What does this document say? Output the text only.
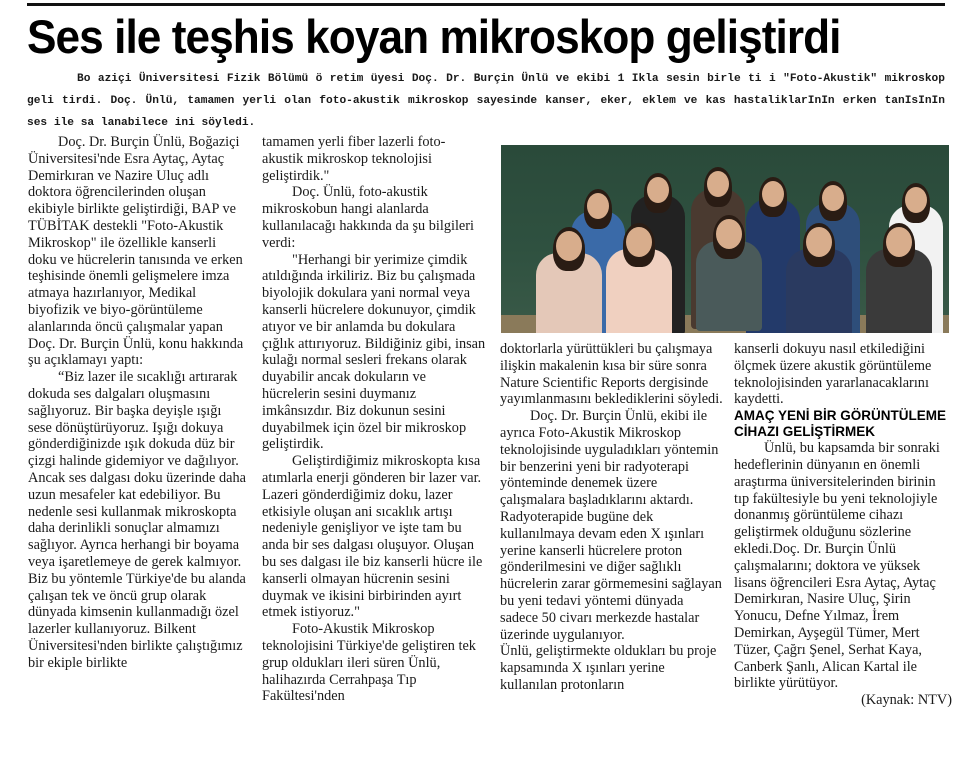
Ses ile teşhis koyan mikroskop geliştirdi

Bo aziçi Üniversitesi Fizik Bölümü ö retim üyesi Doç. Dr. Burçin Ünlü ve ekibi 1 Iklа sesin birle ti i "Foto-Akustik" mikroskop geli tirdi. Doç. Ünlü, tamamen yerli olan foto-akustik mikroskop sayesinde kanser, eker, eklem ve kas hastaliklarInIn erken tanIsInIn ses ile sa lanabilece ini söyledi.

Doç. Dr. Burçin Ünlü, Boğaziçi Üniversitesi'nde Esra Aytaç, Aytaç Demirkıran ve Nazire Uluç adlı doktora öğrencilerinden oluşan ekibiyle birlikte geliştirdiği, BAP ve TÜBİTAK destekli "Foto-Akustik Mikroskop" ile özellikle kanserli doku ve hücrelerin tanısında ve erken teşhisinde önemli gelişmelere imza atmaya hazırlanıyor, Medikal biyofizik ve biyo-görüntüleme alanlarında öncü çalışmalar yapan Doç. Dr. Burçin Ünlü, konu hakkında şu açıklamayı yaptı:

“Biz lazer ile sıcaklığı artırarak dokuda ses dalgaları oluşmasını sağlıyoruz. Bir başka deyişle ışığı sese dönüştürüyoruz. Işığı dokuya gönderdiğinizde ışık dokuda düz bir çizgi halinde gidemiyor ve dağılıyor. Ancak ses dalgası doku üzerinde daha uzun mesafeler kat edebiliyor. Bu nedenle sesi kullanmak mikroskopta daha derinlikli sonuçlar almamızı sağlıyor. Ayrıca herhangi bir boyama veya işaretlemeye de gerek kalmıyor. Biz bu yöntemle Türkiye'de bu alanda çalışan tek ve öncü grup olarak dünyada kimsenin kullanmadığı özel lazerler kullanıyoruz. Bilkent Üniversitesi'nden birlikte çalıştığımız bir ekiple birlikte

tamamen yerli fiber lazerli foto-akustik mikroskop teknolojisi geliştirdik."

Doç. Ünlü, foto-akustik mikroskobun hangi alanlarda kullanılacağı hakkında da şu bilgileri verdi:

"Herhangi bir yerimize çimdik atıldığında irkiliriz. Biz bu çalışmada biyolojik dokulara yani normal veya kanserli hücrelere dokunuyor, çimdik atıyor ve bir anlamda bu dokulara çığlık attırıyoruz. Bildiğiniz gibi, insan kulağı normal sesleri frekans olarak duyabilir ancak dokuların ve hücrelerin sesini duymanız imkânsızdır. Biz dokunun sesini duyabilmek için özel bir mikroskop geliştirdik.

Geliştirdiğimiz mikroskopta kısa atımlarla enerji gönderen bir lazer var. Lazeri gönderdiğimiz doku, lazer etkisiyle oluşan ani sıcaklık artışı nedeniyle genişliyor ve işte tam bu anda bir ses dalgası oluşuyor. Oluşan bu ses dalgası ile biz kanserli hücre ile kanserli olmayan hücrenin sesini duymak ve ikisini birbirinden ayırt etmek istiyoruz."

Foto-Akustik Mikroskop teknolojisini Türkiye'de geliştiren tek grup oldukları ileri süren Ünlü, halihazırda Cerrahpaşa Tıp Fakültesi'nden

doktorlarla yürüttükleri bu çalışmaya ilişkin makalenin kısa bir süre sonra Nature Scientific Reports dergisinde yayımlanmasını beklediklerini söyledi.

Doç. Dr. Burçin Ünlü, ekibi ile ayrıca Foto-Akustik Mikroskop teknolojisinde uyguladıkları yöntemin bir benzerini yeni bir radyoterapi yönteminde denemek üzere çalışmalara başladıklarını aktardı. Radyoterapide bugüne dek kullanılmaya devam eden X ışınları yerine kanserli hücrelere proton gönderilmesini ve diğer sağlıklı hücrelerin zarar görmemesini sağlayan bu yeni tedavi yöntemi dünyada sadece 50 civarı merkezde hastalar üzerinde uygulanıyor.

Ünlü, geliştirmekte oldukları bu proje kapsamında X ışınları yerine kullanılan protonların

kanserli dokuyu nasıl etkilediğini ölçmek üzere akustik görüntüleme teknolojisinden yararlanacaklarını kaydetti.

AMAÇ YENİ BİR GÖRÜNTÜLEME CİHAZI GELİŞTİRMEK

Ünlü, bu kapsamda bir sonraki hedeflerinin dünyanın en önemli araştırma üniversitelerinden birinin tıp fakültesiyle bu yeni teknolojiyle donanmış görüntüleme cihazı geliştirmek olduğunu sözlerine ekledi.Doç. Dr. Burçin Ünlü çalışmalarını; doktora ve yüksek lisans öğrencileri Esra Aytaç, Aytaç Demirkıran, Nasire Uluç, Şirin Yonucu, Defne Yılmaz, İrem Demirkan, Ayşegül Tümer, Mert Tüzer, Çağrı Şenel, Serhat Kaya, Canberk Şanlı, Alican Kartal ile birlikte yürütüyor.

(Kaynak: NTV)
